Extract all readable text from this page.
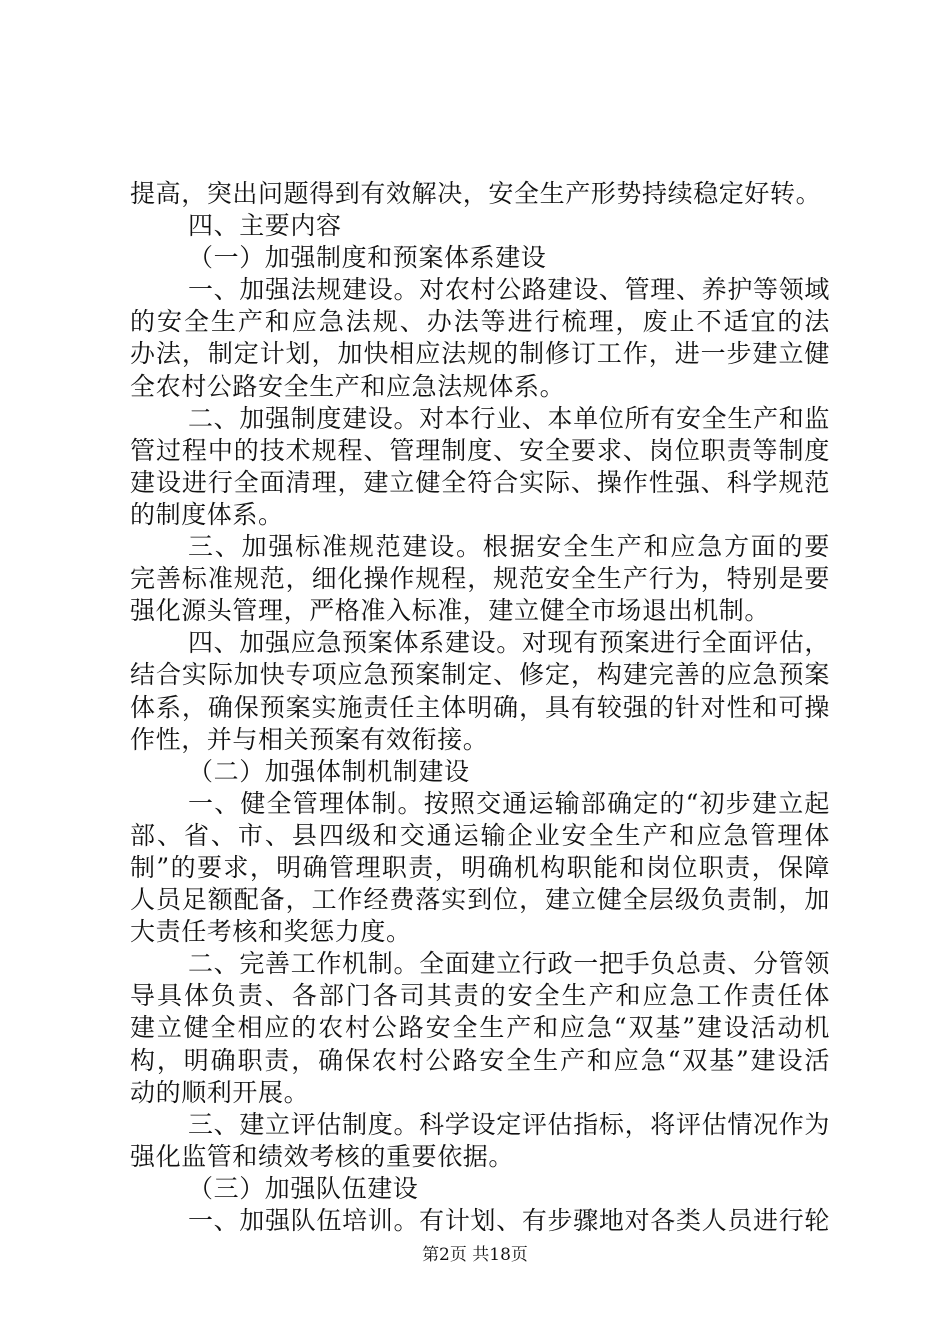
提高，突出问题得到有效解决，安全生产形势持续稳定好转。
四、主要内容
（一）加强制度和预案体系建设
一、加强法规建设。对农村公路建设、管理、养护等领域
的安全生产和应急法规、办法等进行梳理，废止不适宜的法
办法，制定计划，加快相应法规的制修订工作，进一步建立健
全农村公路安全生产和应急法规体系。
二、加强制度建设。对本行业、本单位所有安全生产和监
管过程中的技术规程、管理制度、安全要求、岗位职责等制度
建设进行全面清理，建立健全符合实际、操作性强、科学规范
的制度体系。
三、加强标准规范建设。根据安全生产和应急方面的要
完善标准规范，细化操作规程，规范安全生产行为，特别是要
强化源头管理，严格准入标准，建立健全市场退出机制。
四、加强应急预案体系建设。对现有预案进行全面评估，
结合实际加快专项应急预案制定、修定，构建完善的应急预案
体系，确保预案实施责任主体明确，具有较强的针对性和可操
作性，并与相关预案有效衔接。
（二）加强体制机制建设
一、健全管理体制。按照交通运输部确定的“初步建立起
部、省、市、县四级和交通运输企业安全生产和应急管理体
制”的要求，明确管理职责，明确机构职能和岗位职责，保障
人员足额配备，工作经费落实到位，建立健全层级负责制，加
大责任考核和奖惩力度。
二、完善工作机制。全面建立行政一把手负总责、分管领
导具体负责、各部门各司其责的安全生产和应急工作责任体
建立健全相应的农村公路安全生产和应急“双基”建设活动机
构，明确职责，确保农村公路安全生产和应急“双基”建设活
动的顺利开展。
三、建立评估制度。科学设定评估指标，将评估情况作为
强化监管和绩效考核的重要依据。
（三）加强队伍建设
一、加强队伍培训。有计划、有步骤地对各类人员进行轮
第2页 共18页
